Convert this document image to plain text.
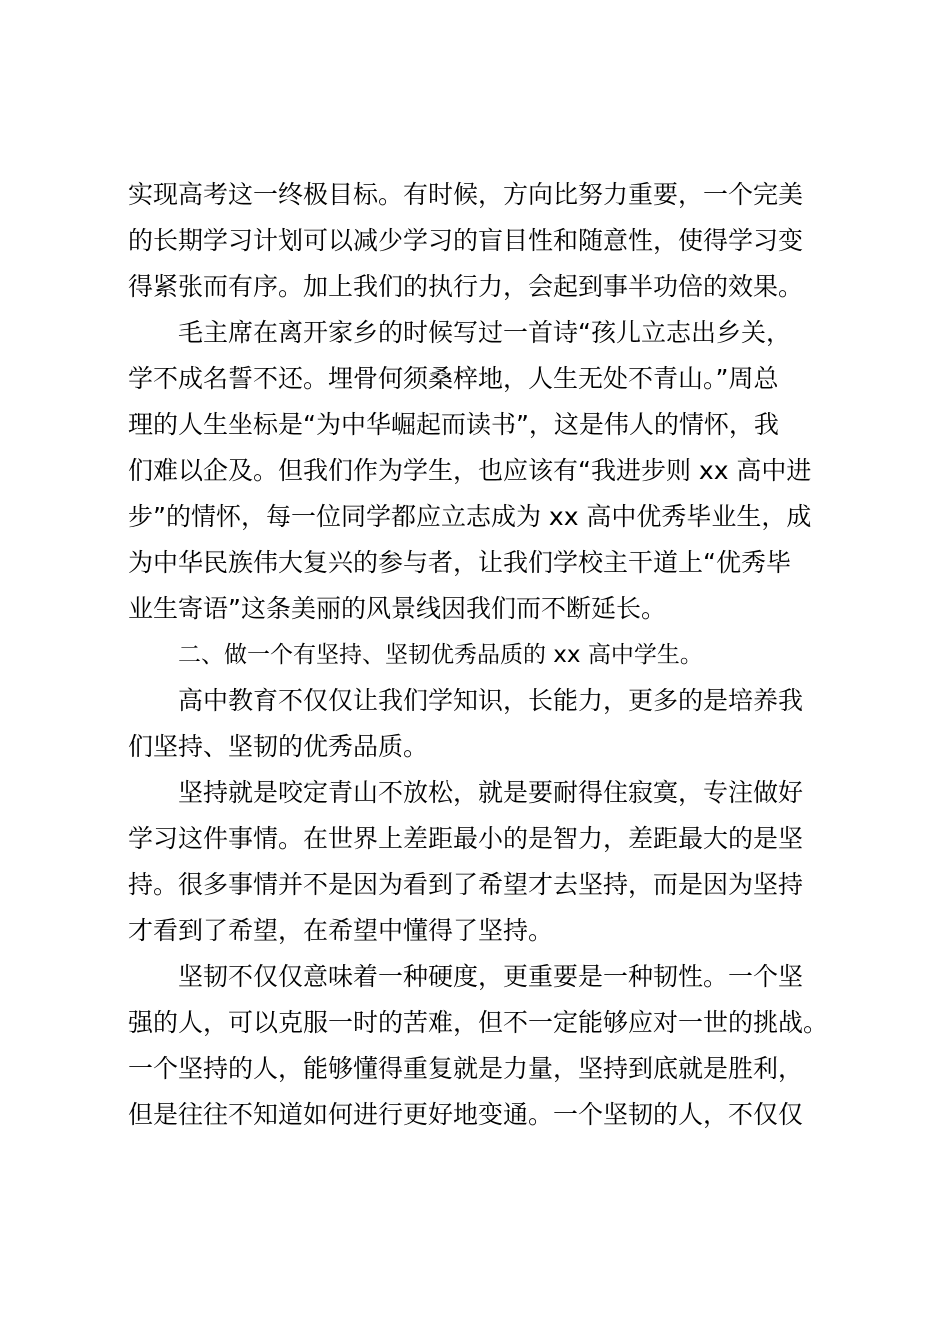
实现高考这一终极目标。有时候，方向比努力重要，一个完美
的长期学习计划可以减少学习的盲目性和随意性，使得学习变
得紧张而有序。加上我们的执行力，会起到事半功倍的效果。
毛主席在离开家乡的时候写过一首诗“孩儿立志出乡关，
学不成名誓不还。埋骨何须桑梓地，人生无处不青山。”周总
理的人生坐标是“为中华崛起而读书”，这是伟人的情怀，我
们难以企及。但我们作为学生，也应该有“我进步则 xx 高中进
步”的情怀，每一位同学都应立志成为 xx 高中优秀毕业生，成
为中华民族伟大复兴的参与者，让我们学校主干道上“优秀毕
业生寄语”这条美丽的风景线因我们而不断延长。
二、做一个有坚持、坚韧优秀品质的 xx 高中学生。
高中教育不仅仅让我们学知识，长能力，更多的是培养我
们坚持、坚韧的优秀品质。
坚持就是咬定青山不放松，就是要耐得住寂寞，专注做好
学习这件事情。在世界上差距最小的是智力，差距最大的是坚
持。很多事情并不是因为看到了希望才去坚持，而是因为坚持
才看到了希望，在希望中懂得了坚持。
坚韧不仅仅意味着一种硬度，更重要是一种韧性。一个坚
强的人，可以克服一时的苦难，但不一定能够应对一世的挑战。
一个坚持的人，能够懂得重复就是力量，坚持到底就是胜利，
但是往往不知道如何进行更好地变通。一个坚韧的人，不仅仅
